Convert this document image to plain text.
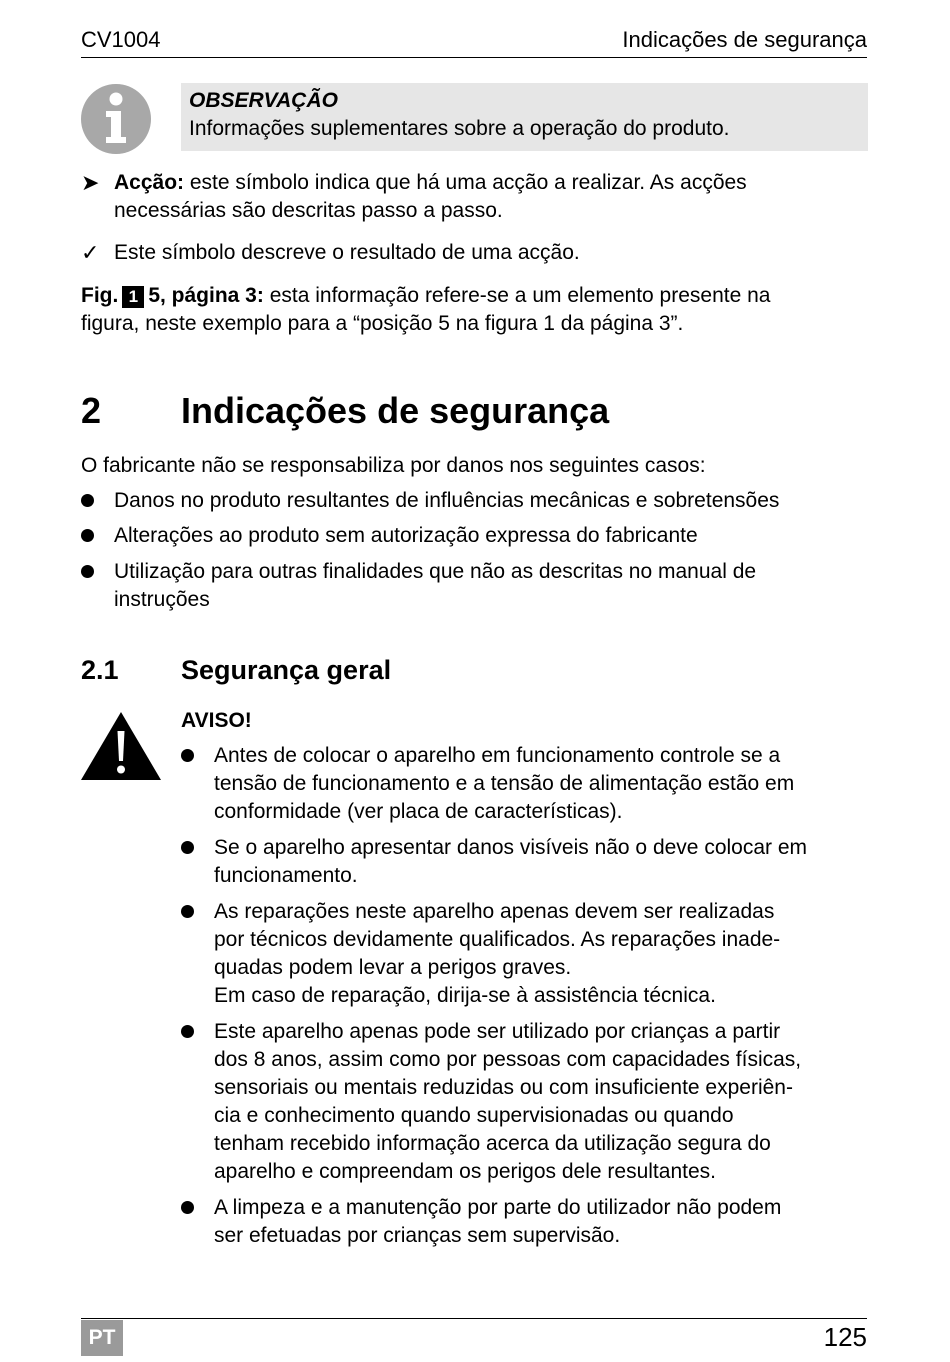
CV1004	Indicações de segurança
OBSERVAÇÃO
Informações suplementares sobre a operação do produto.
➤ Acção: este símbolo indica que há uma acção a realizar. As acções
necessárias são descritas passo a passo.
✓ Este símbolo descreve o resultado de uma acção.
Fig. 1 5, página 3: esta informação refere-se a um elemento presente na
figura, neste exemplo para a “posição 5 na figura 1 da página 3”.
2 Indicações de segurança
O fabricante não se responsabiliza por danos nos seguintes casos:
Danos no produto resultantes de influências mecânicas e sobretensões
Alterações ao produto sem autorização expressa do fabricante
Utilização para outras finalidades que não as descritas no manual de
instruções
2.1 Segurança geral
AVISO!
Antes de colocar o aparelho em funcionamento controle se a
tensão de funcionamento e a tensão de alimentação estão em
conformidade (ver placa de características).
Se o aparelho apresentar danos visíveis não o deve colocar em
funcionamento.
As reparações neste aparelho apenas devem ser realizadas
por técnicos devidamente qualificados. As reparações inade-
quadas podem levar a perigos graves.
Em caso de reparação, dirija-se à assistência técnica.
Este aparelho apenas pode ser utilizado por crianças a partir
dos 8 anos, assim como por pessoas com capacidades físicas,
sensoriais ou mentais reduzidas ou com insuficiente experiên-
cia e conhecimento quando supervisionadas ou quando
tenham recebido informação acerca da utilização segura do
aparelho e compreendam os perigos dele resultantes.
A limpeza e a manutenção por parte do utilizador não podem
ser efetuadas por crianças sem supervisão.
PT	125
